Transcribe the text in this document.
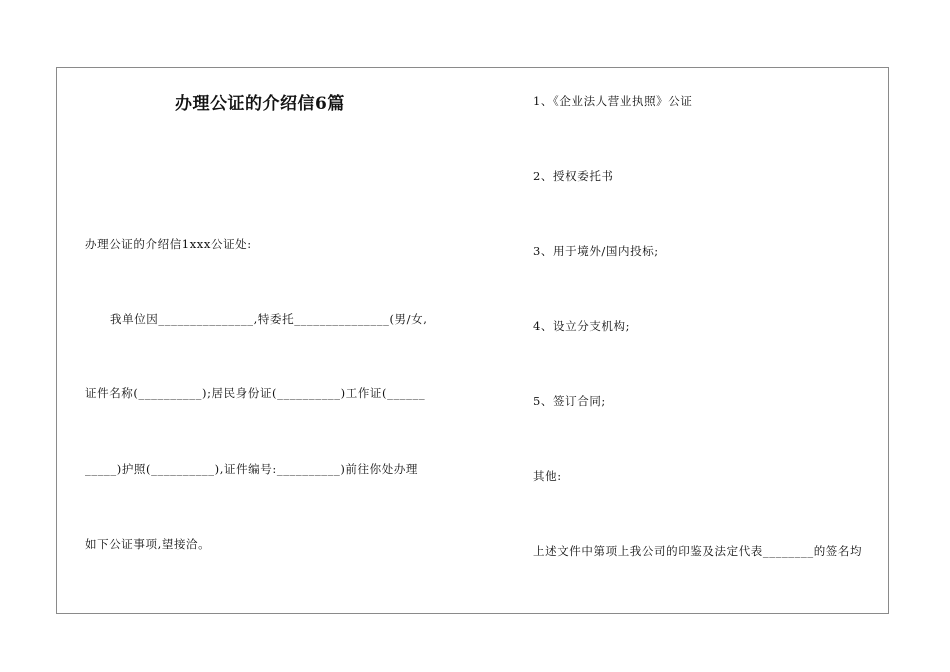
办理公证的介绍信6篇
办理公证的介绍信1xxx公证处:
我单位因_______________,特委托_______________(男/女,
证件名称(__________);居民身份证(__________)工作证(______
_____)护照(__________),证件编号:__________)前往你处办理
如下公证事项,望接洽。
1、《企业法人营业执照》公证
2、授权委托书
3、用于境外/国内投标;
4、设立分支机构;
5、签订合同;
其他:
上述文件中第项上我公司的印鉴及法定代表________的签名均
